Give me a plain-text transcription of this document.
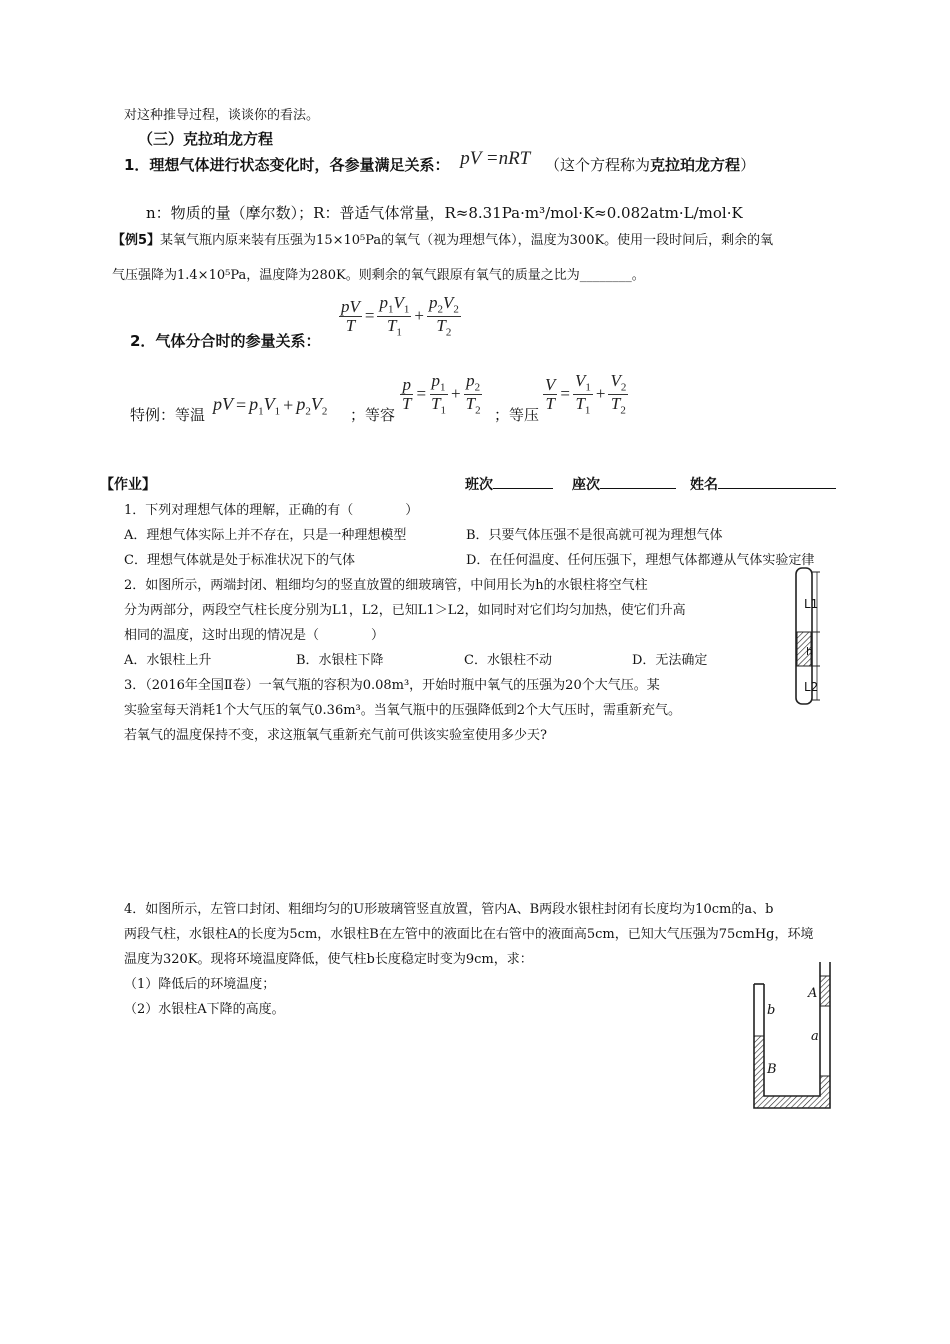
对这种推导过程，谈谈你的看法。
（三）克拉珀龙方程
1．理想气体进行状态变化时，各参量满足关系： pV =nRT （这个方程称为克拉珀龙方程）
n：物质的量（摩尔数）；R：普适气体常量，R≈8.31Pa·m³/mol·K≈0.082atm·L/mol·K
【例5】某氧气瓶内原来装有压强为15×10⁵Pa的氧气（视为理想气体），温度为300K。使用一段时间后，剩余的氧
气压强降为1.4×10⁵Pa，温度降为280K。则剩余的氧气跟原有氧气的质量之比为________。
$\frac{pV}{T} = \frac{p_1V_1}{T_1} + \frac{p_2V_2}{T_2}$
2．气体分合时的参量关系：
特例：等温
pV = $p_1V_1 + p_2V_2$ ；等容
$\frac{p}{T} = \frac{p_1}{T_1} + \frac{p_2}{T_2}$ ；等压
$\frac{V}{T} = \frac{V_1}{T_1} + \frac{V_2}{T_2}$
【作业】	班次	座次	姓名
1．下列对理想气体的理解，正确的有（　　　　）
A．理想气体实际上并不存在，只是一种理想模型	B．只要气体压强不是很高就可视为理想气体
C．理想气体就是处于标准状况下的气体	D．在任何温度、任何压强下，理想气体都遵从气体实验定律
2．如图所示，两端封闭、粗细均匀的竖直放置的细玻璃管，中间用长为h的水银柱将空气柱
分为两部分，两段空气柱长度分别为L1，L2，已知L1＞L2，如同时对它们均匀加热，使它们升高
相同的温度，这时出现的情况是（　　　　）
A．水银柱上升	B．水银柱下降	C．水银柱不动	D．无法确定
L1
h
L2
3．（2016年全国Ⅱ卷）一氧气瓶的容积为0.08m³，开始时瓶中氧气的压强为20个大气压。某
实验室每天消耗1个大气压的氧气0.36m³。当氧气瓶中的压强降低到2个大气压时，需重新充气。
若氧气的温度保持不变，求这瓶氧气重新充气前可供该实验室使用多少天?
4．如图所示，左管口封闭、粗细均匀的U形玻璃管竖直放置，管内A、B两段水银柱封闭有长度均为10cm的a、b
两段气柱，水银柱A的长度为5cm，水银柱B在左管中的液面比在右管中的液面高5cm，已知大气压强为75cmHg，环境
温度为320K。现将环境温度降低，使气柱b长度稳定时变为9cm，求：
（1）降低后的环境温度；
（2）水银柱A下降的高度。
A
b
a
B
